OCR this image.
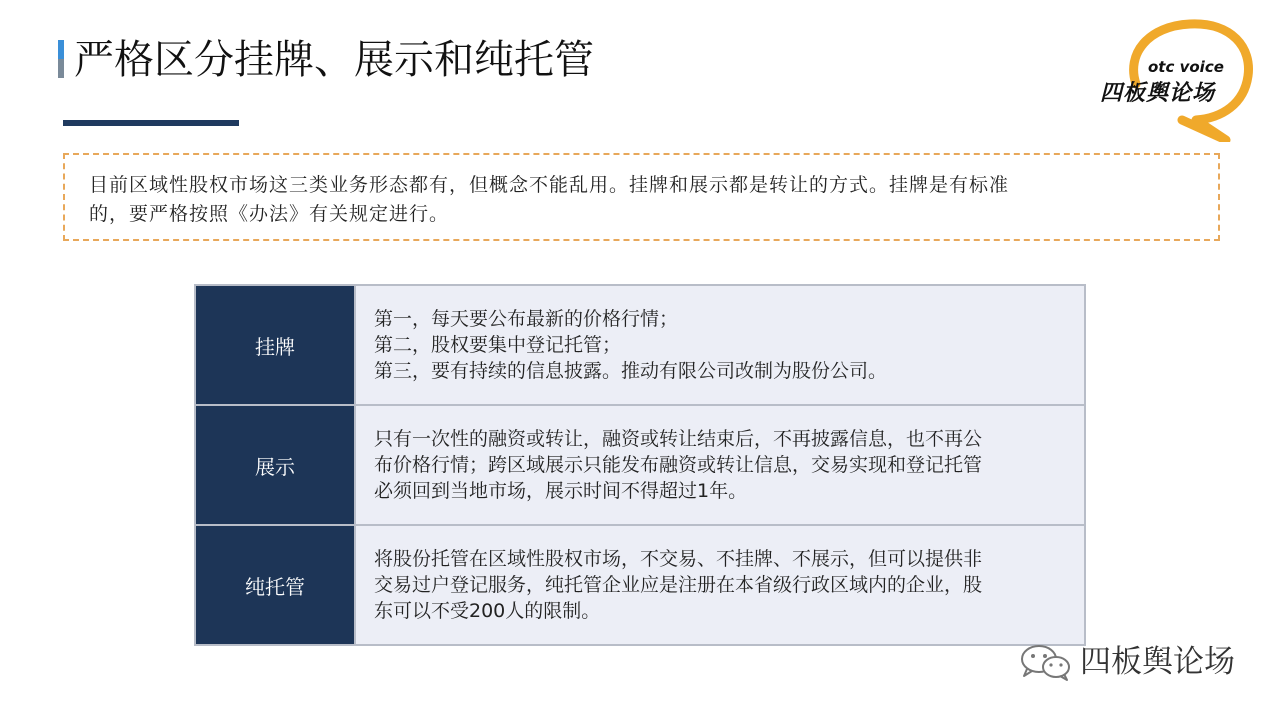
严格区分挂牌、展示和纯托管	otc voice
四板舆论场
目前区域性股权市场这三类业务形态都有，但概念不能乱用。挂牌和展示都是转让的方式。挂牌是有标准
的，要严格按照《办法》有关规定进行。
挂牌	第一，每天要公布最新的价格行情；
第二，股权要集中登记托管；
第三，要有持续的信息披露。推动有限公司改制为股份公司。

展示	只有一次性的融资或转让，融资或转让结束后，不再披露信息，也不再公
布价格行情；跨区域展示只能发布融资或转让信息，交易实现和登记托管
必须回到当地市场，展示时间不得超过1年。

纯托管	将股份托管在区域性股权市场，不交易、不挂牌、不展示，但可以提供非
交易过户登记服务，纯托管企业应是注册在本省级行政区域内的企业，股
东可以不受200人的限制。
四板舆论场
